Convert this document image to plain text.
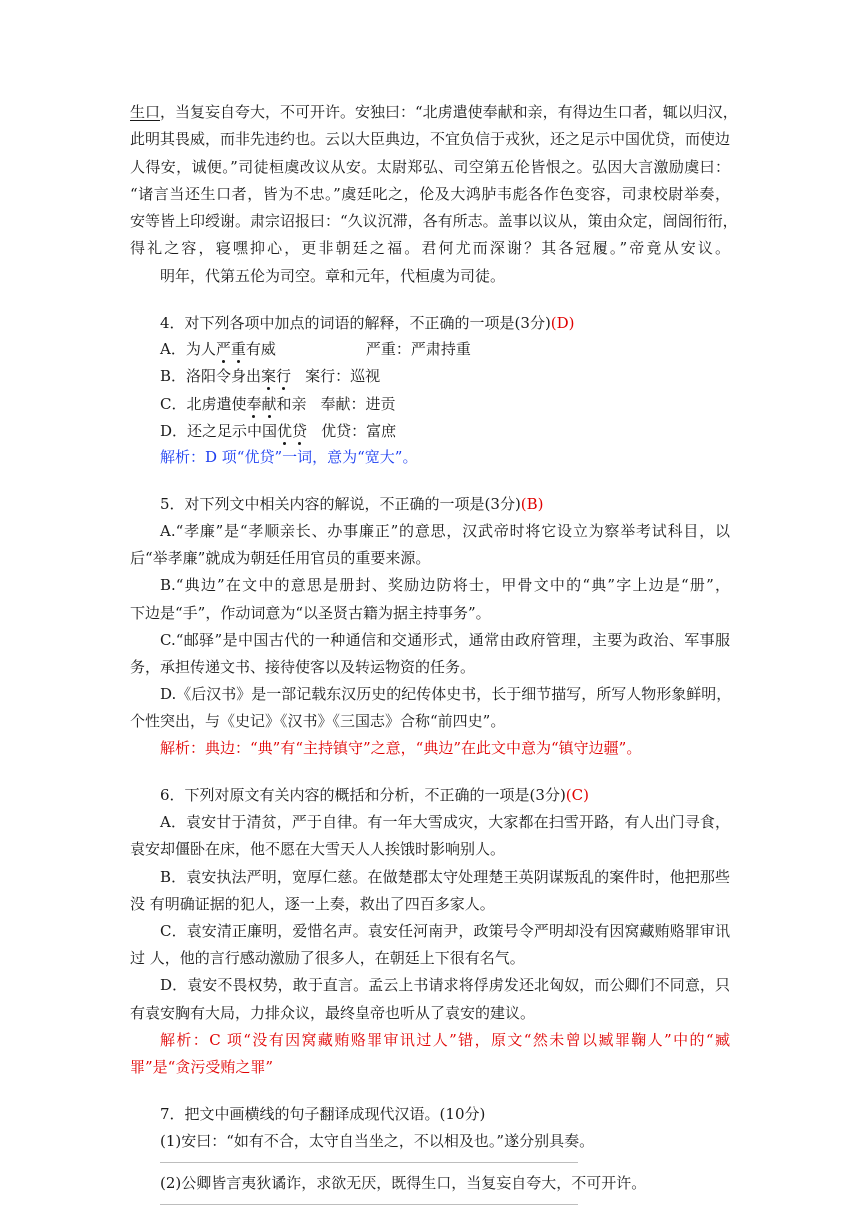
生口，当复妄自夸大，不可开许。安独曰：“北虏遣使奉献和亲，有得边生口者，辄以归汉，
此明其畏威，而非先违约也。云以大臣典边，不宜负信于戎狄，还之足示中国优贷，而使边
人得安，诚便。”司徒桓虞改议从安。太尉郑弘、司空第五伦皆恨之。弘因大言激励虞曰：
“诸言当还生口者，皆为不忠。”虞廷叱之，伦及大鸿胪韦彪各作色变容，司隶校尉举奏，
安等皆上印绶谢。肃宗诏报曰：“久议沉滞，各有所志。盖事以议从，策由众定，訚訚衎衎，
得礼之容，寝嘿抑心，更非朝廷之福。君何尤而深谢？其各冠履。”帝竟从安议。
明年，代第五伦为司空。章和元年，代桓虞为司徒。
4．对下列各项中加点的词语的解释，不正确的一项是(3分)(D)
A．为人严重有威	严重：严肃持重
B．洛阳令身出案行 案行：巡视
C．北虏遣使奉献和亲 奉献：进贡
D．还之足示中国优贷 优贷：富庶
解析：D 项“优贷”一词，意为“宽大”。
5．对下列文中相关内容的解说，不正确的一项是(3分)(B)
A.“孝廉”是“孝顺亲长、办事廉正”的意思，汉武帝时将它设立为察举考试科目，以
后“举孝廉”就成为朝廷任用官员的重要来源。
B.“典边”在文中的意思是册封、奖励边防将士，甲骨文中的“典”字上边是“册”，
下边是“手”，作动词意为“以圣贤古籍为据主持事务”。
C.“邮驿”是中国古代的一种通信和交通形式，通常由政府管理，主要为政治、军事服
务，承担传递文书、接待使客以及转运物资的任务。
D.《后汉书》是一部记载东汉历史的纪传体史书，长于细节描写，所写人物形象鲜明，
个性突出，与《史记》《汉书》《三国志》合称“前四史”。
解析：典边：“典”有“主持镇守”之意，“典边”在此文中意为“镇守边疆”。
6．下列对原文有关内容的概括和分析，不正确的一项是(3分)(C)
A．袁安甘于清贫，严于自律。有一年大雪成灾，大家都在扫雪开路，有人出门寻食，
袁安却僵卧在床，他不愿在大雪天人人挨饿时影响别人。
B．袁安执法严明，宽厚仁慈。在做楚郡太守处理楚王英阴谋叛乱的案件时，他把那些
没 有明确证据的犯人，逐一上奏，救出了四百多家人。
C．袁安清正廉明，爱惜名声。袁安任河南尹，政策号令严明却没有因窝藏贿赂罪审讯
过 人，他的言行感动激励了很多人，在朝廷上下很有名气。
D．袁安不畏权势，敢于直言。孟云上书请求将俘虏发还北匈奴，而公卿们不同意，只
有袁安胸有大局，力排众议，最终皇帝也听从了袁安的建议。
解析：C 项“没有因窝藏贿赂罪审讯过人”错，原文“然未曾以臧罪鞠人”中的“臧
罪”是“贪污受贿之罪”
7．把文中画横线的句子翻译成现代汉语。(10分)
(1)安曰：“如有不合，太守自当坐之，不以相及也。”遂分别具奏。
(2)公卿皆言夷狄谲诈，求欲无厌，既得生口，当复妄自夸大，不可开许。
